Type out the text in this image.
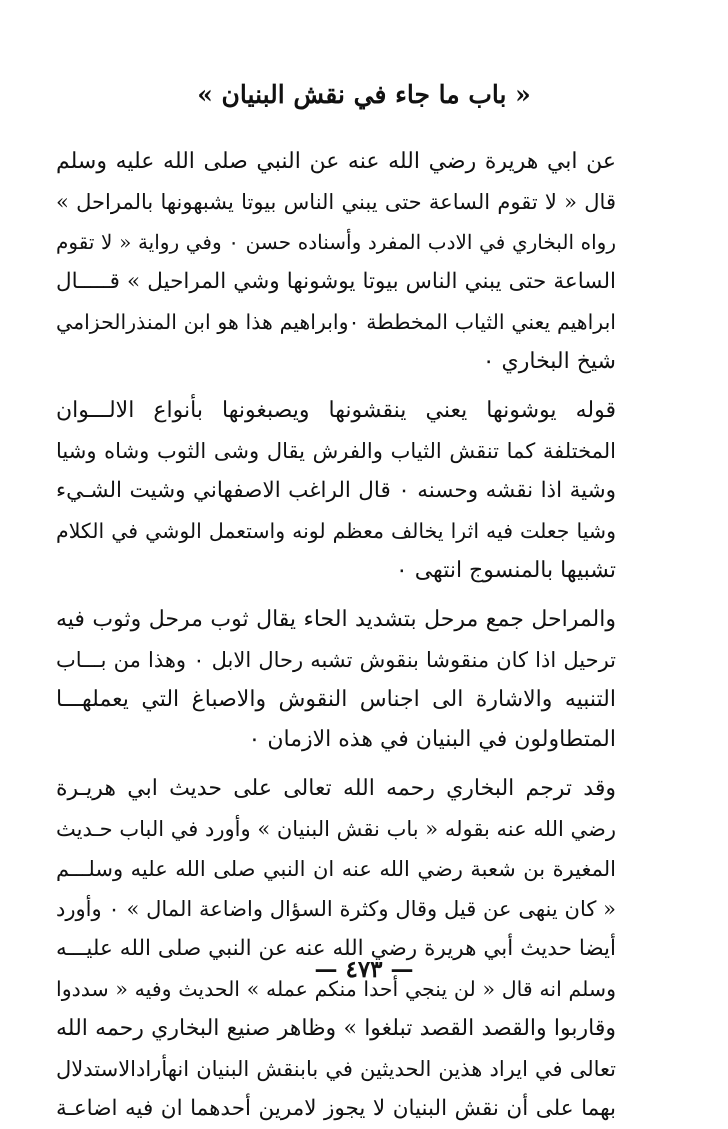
« باب ما جاء في نقش البنيان »
عن ابي هريرة رضي الله عنه عن النبي صلى الله عليه وسلم
قال « لا تقوم الساعة حتى يبني الناس بيوتا يشبهونها بالمراحل »
رواه البخاري في الادب المفرد وأسناده حسن ۰ وفي رواية « لا تقوم
الساعة حتى يبني الناس بيوتا يوشونها وشي المراحيل » قـــــال
ابراهيم يعني الثياب المخططة ۰وابراهيم هذا هو ابن المنذرالحزامي
شيخ البخاري ۰
قوله يوشونها يعني ينقشونها ويصبغونها بأنواع الالـــوان
المختلفة كما تنقش الثياب والفرش يقال وشى الثوب وشاه وشيا
وشية اذا نقشه وحسنه ۰ قال الراغب الاصفهاني وشيت الشـيء
وشيا جعلت فيه اثرا يخالف معظم لونه واستعمل الوشي في الكلام
تشبيها بالمنسوج انتهى ۰
والمراحل جمع مرحل بتشديد الحاء يقال ثوب مرحل وثوب فيه
ترحيل اذا كان منقوشا بنقوش تشبه رحال الابل ۰ وهذا من بـــاب
التنبيه والاشارة الى اجناس النقوش والاصباغ التي يعملهـــا
المتطاولون في البنيان في هذه الازمان ۰
وقد ترجم البخاري رحمه الله تعالى على حديث ابي هريـرة
رضي الله عنه بقوله « باب نقش البنيان » وأورد في الباب حـديث
المغيرة بن شعبة رضي الله عنه ان النبي صلى الله عليه وسلـــم
« كان ينهى عن قيل وقال وكثرة السؤال واضاعة المال » ۰ وأورد
أيضا حديث أبي هريرة رضي الله عنه عن النبي صلى الله عليـــه
وسلم انه قال « لن ينجي أحدا منكم عمله » الحديث وفيه « سددوا
وقاربوا والقصد القصد تبلغوا » وظاهر صنيع البخاري رحمه الله
تعالى في ايراد هذين الحديثين في بابنقش البنيان انهأرادالاستدلال
بهما على أن نقش البنيان لا يجوز لامرين أحدهما ان فيه اضاعـة
— ٤٧٣ —
